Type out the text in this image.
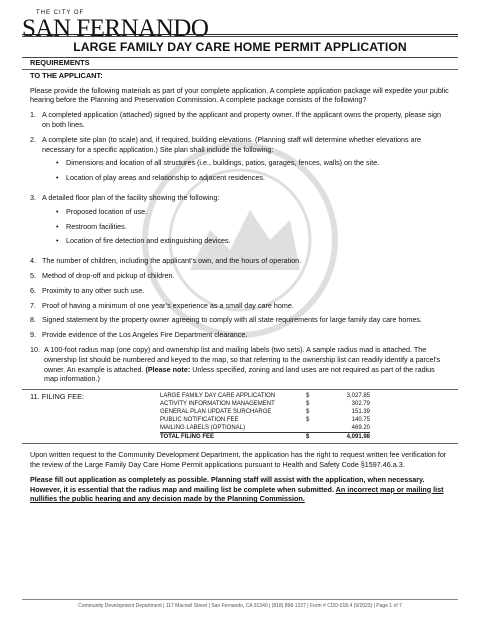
THE CITY OF
SAN FERNANDO
LARGE FAMILY DAY CARE HOME PERMIT APPLICATION
REQUIREMENTS
TO THE APPLICANT:

Please provide the following materials as part of your complete application. A complete application package will expedite your public hearing before the Planning and Preservation Commission. A complete package consists of the following?

1. A completed application (attached) signed by the applicant and property owner. If the applicant owns the property, please sign on both lines.
2. A complete site plan (to scale) and, if required, building elevations. (Planning staff will determine whether elevations are necessary for a specific application.) Site plan shall include the following:
•	Dimensions and location of all structures (i.e., buildings, patios, garages, fences, walls) on the site.
•	Location of play areas and relationship to adjacent residences.
3. A detailed floor plan of the facility showing the following:
•	Proposed location of use.
•	Restroom facilities.
•	Location of fire detection and extinguishing devices.
4. The number of children, including the applicant’s own, and the hours of operation.
5. Method of drop-off and pickup of children.
6. Proximity to any other such use.
7. Proof of having a minimum of one year’s experience as a small day care home.
8. Signed statement by the property owner agreeing to comply with all state requirements for large family day care homes.
9. Provide evidence of the Los Angeles Fire Department clearance.
10. A 100-foot radius map (one copy) and ownership list and mailing labels (two sets). A sample radius mad is attached. The ownership list should be numbered and keyed to the map, so that referring to the ownership list can readily identify a parcel’s owner. An example is attached. (Please note: Unless specified, zoning and land uses are not required as part of the radius map information.)
11. FILING FEE:	LARGE FAMILY DAY CARE APPLICATION	$	3,027.85
ACTIVITY INFORMATION MANAGEMENT	$	302.79
GENERAL PLAN UPDATE SURCHARGE	$	151.39
PUBLIC NOTIFICATION FEE	$	140.75
MAILING LABELS (OPTIONAL)		469.20
TOTAL FILING FEE	$	4,091.98

Upon written request to the Community Development Department, the application has the right to request written fee verification for the review of the Large Family Day Care Home Permit applications pursuant to Health and Safety Code §1597.46.a.3.

Please fill out application as completely as possible. Planning staff will assist with the application, when necessary. However, it is essential that the radius map and mailing list be complete when submitted. An incorrect map or mailing list nullifies the public hearing and any decision made by the Planning Commission.

Community Development Department | 117 Macneil Street | San Fernando, CA 91340 | (818) 898-1227 | Form # CDD-018.4 (9/2023) | Page 1 of 7
